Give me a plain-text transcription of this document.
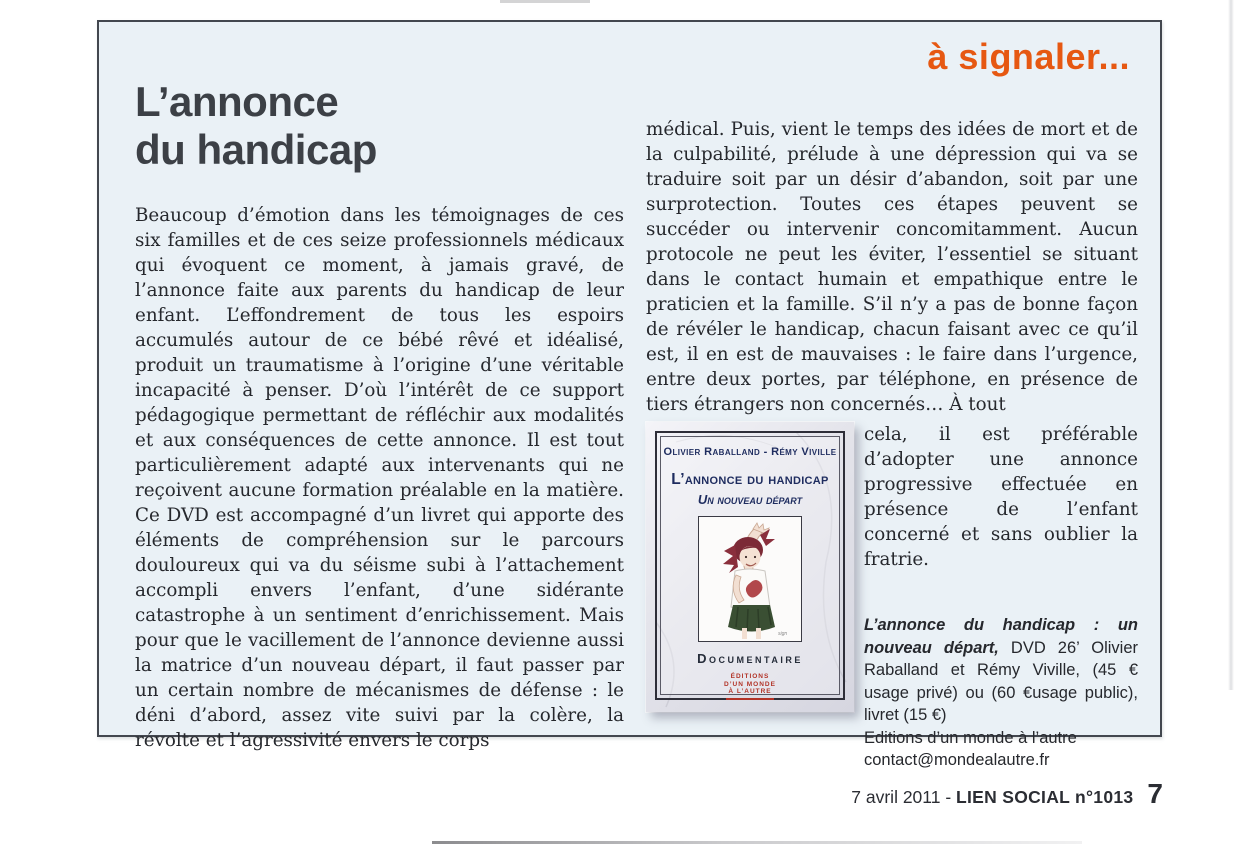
à signaler...
L’annonce
du handicap
Beaucoup d’émotion dans les témoignages de ces six familles et de ces seize professionnels médicaux qui évoquent ce moment, à jamais gravé, de l’annonce faite aux parents du handicap de leur enfant. L’effondrement de tous les espoirs accumulés autour de ce bébé rêvé et idéalisé, produit un traumatisme à l’origine d’une véritable incapacité à penser. D’où l’intérêt de ce support pédagogique permettant de réfléchir aux modalités et aux conséquences de cette annonce. Il est tout particulièrement adapté aux intervenants qui ne reçoivent aucune formation préalable en la matière. Ce DVD est accompagné d’un livret qui apporte des éléments de compréhension sur le parcours douloureux qui va du séisme subi à l’attachement accompli envers l’enfant, d’une sidérante catastrophe à un sentiment d’enrichissement. Mais pour que le vacillement de l’annonce devienne aussi la matrice d’un nouveau départ, il faut passer par un certain nombre de mécanismes de défense : le déni d’abord, assez vite suivi par la colère, la révolte et l’agressivité envers le corps
médical. Puis, vient le temps des idées de mort et de la culpabilité, prélude à une dépression qui va se traduire soit par un désir d’abandon, soit par une surprotection. Toutes ces étapes peuvent se succéder ou intervenir concomitamment. Aucun protocole ne peut les éviter, l’essentiel se situant dans le contact humain et empathique entre le praticien et la famille. S’il n’y a pas de bonne façon de révéler le handicap, chacun faisant avec ce qu’il est, il en est de mauvaises : le faire dans l’urgence, entre deux portes, par téléphone, en présence de tiers étrangers non concernés… À tout
Olivier Raballand - Rémy Viville
L’annonce du handicap
Un nouveau départ
sign
Documentaire
ÉDITIONS
D’UN MONDE
À L’AUTRE
cela, il est préférable d’adopter une annonce progressive effectuée en présence de l’enfant concerné et sans oublier la fratrie.
L’annonce du handicap : un nouveau départ, DVD 26’ Olivier Raballand et Rémy Viville, (45 € usage privé) ou (60 €usage public), livret (15 €)
Editions d’un monde à l’autre
contact@mondealautre.fr
7 avril 2011 - LIEN SOCIAL n°1013 7
